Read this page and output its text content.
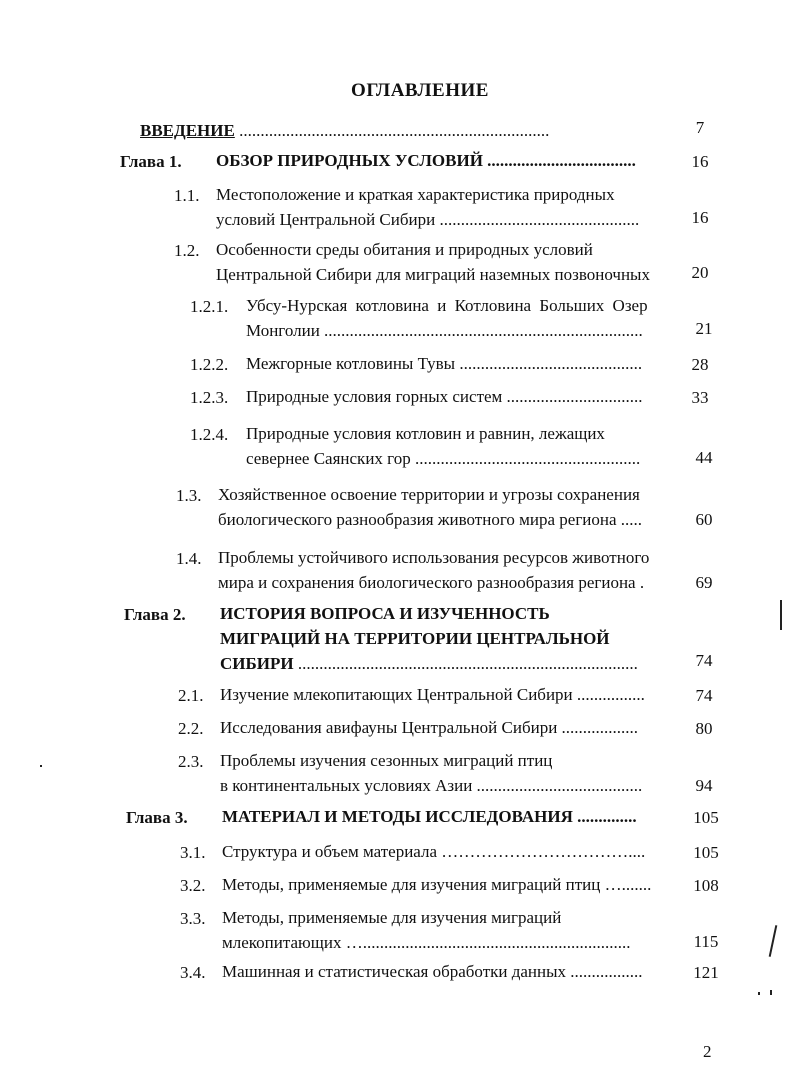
ОГЛАВЛЕНИЕ
ВВЕДЕНИЕ .........................................................................	7
Глава 1. ОБЗОР ПРИРОДНЫХ УСЛОВИЙ ...................................	16
1.1. Местоположение и краткая характеристика природных
условий Центральной Сибири ...............................................	16
1.2. Особенности среды обитания и природных условий
Центральной Сибири для миграций наземных позвоночных	20
1.2.1. Убсу-Нурская котловина и Котловина Больших Озер
Монголии ...........................................................................	21
1.2.2. Межгорные котловины Тувы ...........................................	28
1.2.3. Природные условия горных систем ................................	33
1.2.4. Природные условия котловин и равнин, лежащих
севернее Саянских гор .....................................................	44
1.3. Хозяйственное освоение территории и угрозы сохранения
биологического разнообразия животного мира региона .....	60
1.4. Проблемы устойчивого использования ресурсов животного
мира и сохранения биологического разнообразия региона .	69
Глава 2. ИСТОРИЯ ВОПРОСА И ИЗУЧЕННОСТЬ
МИГРАЦИЙ НА ТЕРРИТОРИИ ЦЕНТРАЛЬНОЙ
СИБИРИ ................................................................................	74
2.1. Изучение млекопитающих Центральной Сибири ................	74
2.2. Исследования авифауны Центральной Сибири ..................	80
2.3. Проблемы изучения сезонных миграций птиц
в континентальных условиях Азии .......................................	94
Глава 3. МАТЕРИАЛ И МЕТОДЫ ИССЛЕДОВАНИЯ ..............	105
3.1. Структура и объем материала ……………………………....	105
3.2. Методы, применяемые для изучения миграций птиц ….......	108
3.3. Методы, применяемые для изучения миграций
млекопитающих …...............................................................	115
3.4. Машинная и статистическая обработки данных .................	121
2
